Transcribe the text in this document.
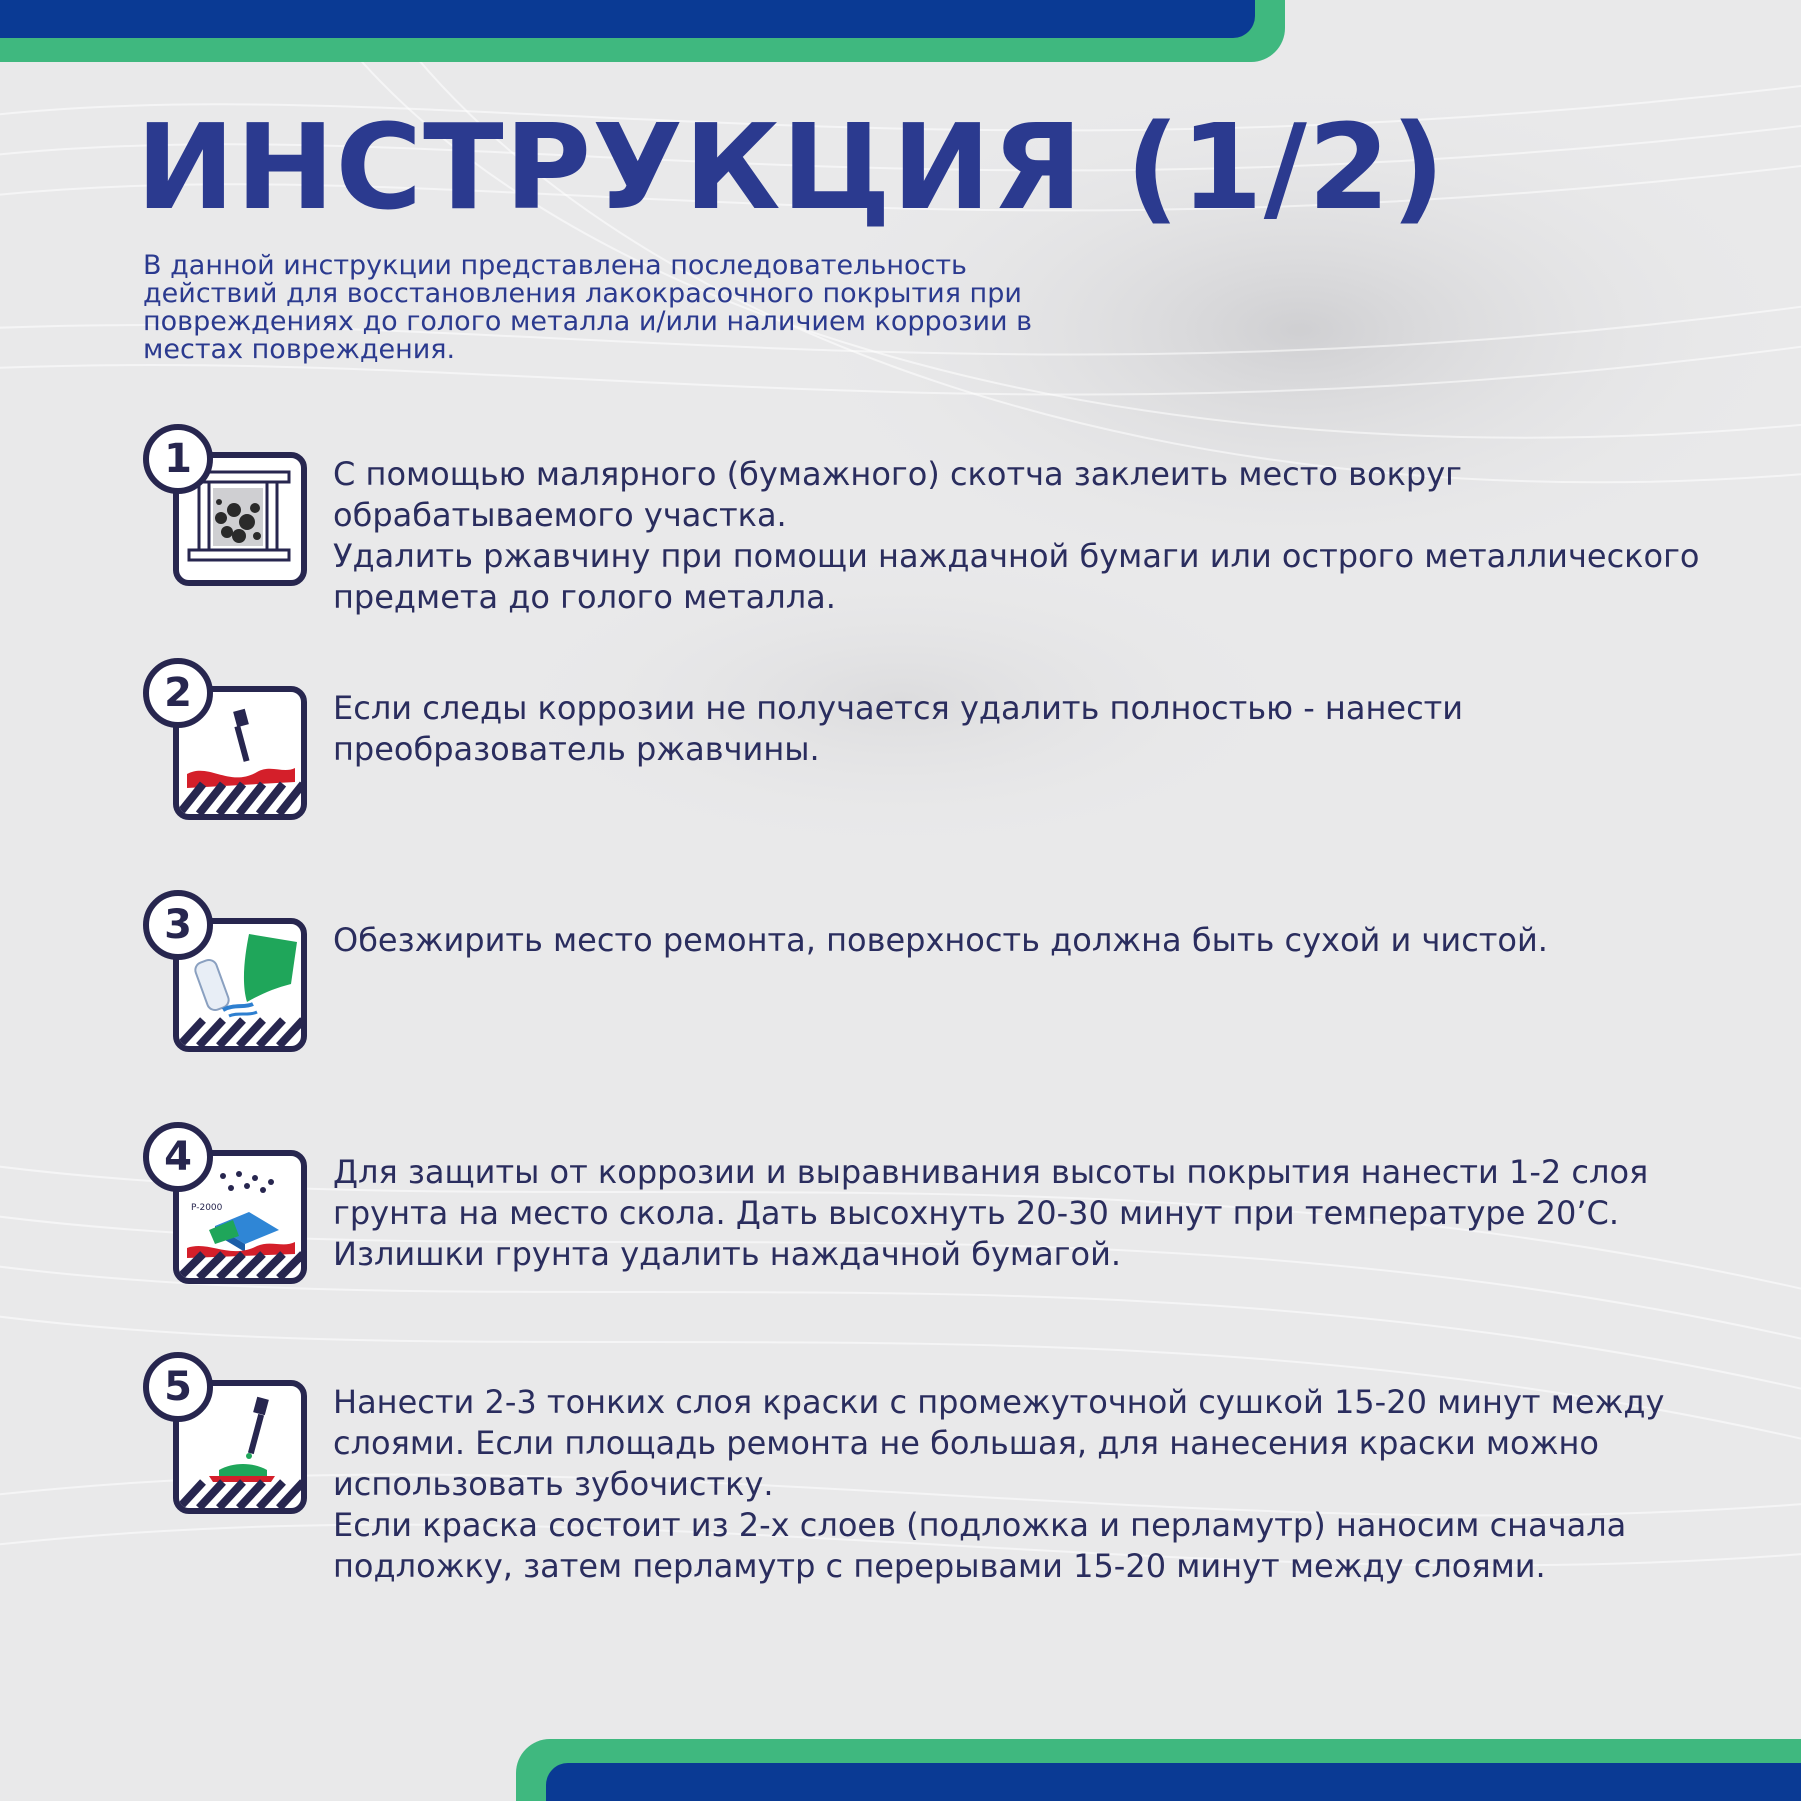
ИНСТРУКЦИЯ (1/2)

В данной инструкции представлена последовательность действий для восстановления лакокрасочного покрытия при повреждениях до голого металла и/или наличием коррозии в местах повреждения.

1	С помощью малярного (бумажного) скотча заклеить место вокруг обрабатываемого участка.
Удалить ржавчину при помощи наждачной бумаги или острого металлического предмета до голого металла.

2	Если следы коррозии не получается удалить полностью - нанести преобразователь ржавчины.

3	Обезжирить место ремонта, поверхность должна быть сухой и чистой.

P-2000
4	Для защиты от коррозии и выравнивания высоты покрытия нанести 1-2 слоя грунта на место скола. Дать высохнуть 20-30 минут при температуре 20’С. Излишки грунта удалить наждачной бумагой.

5	Нанести 2-3 тонких слоя краски с промежуточной сушкой 15-20 минут между слоями. Если площадь ремонта не большая, для нанесения краски можно использовать зубочистку.
Если краска состоит из 2-х слоев (подложка и перламутр) наносим сначала подложку, затем перламутр с перерывами 15-20 минут между слоями.
